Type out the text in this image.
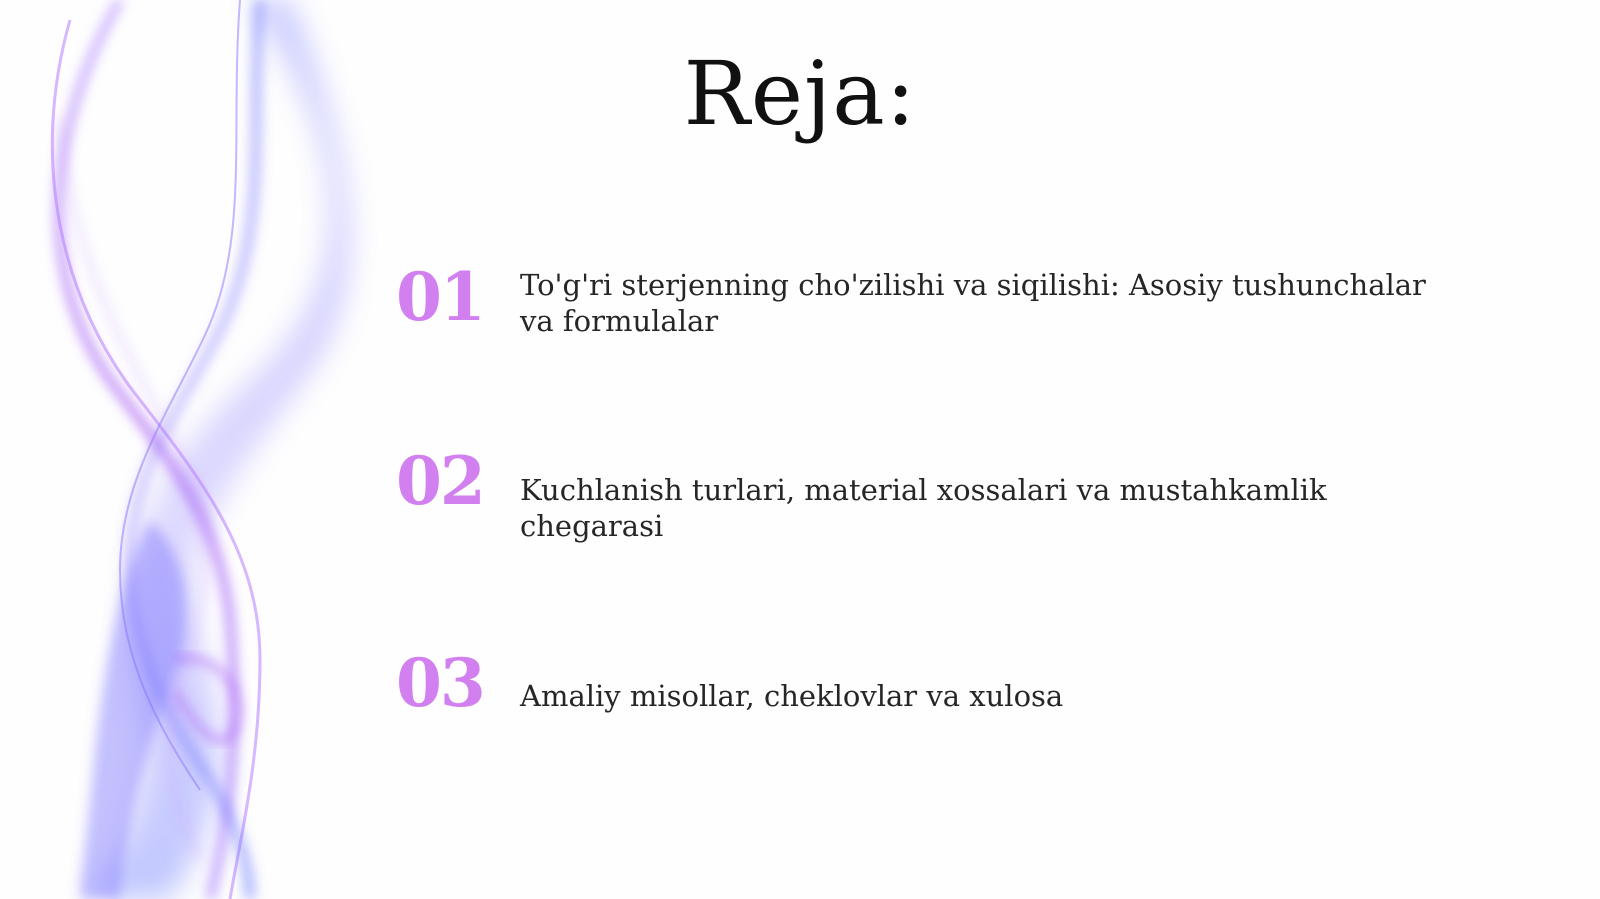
Reja:
01	To'g'ri sterjenning cho'zilishi va siqilishi: Asosiy tushunchalar va formulalar
02	Kuchlanish turlari, material xossalari va mustahkamlik chegarasi
03	Amaliy misollar, cheklovlar va xulosa
